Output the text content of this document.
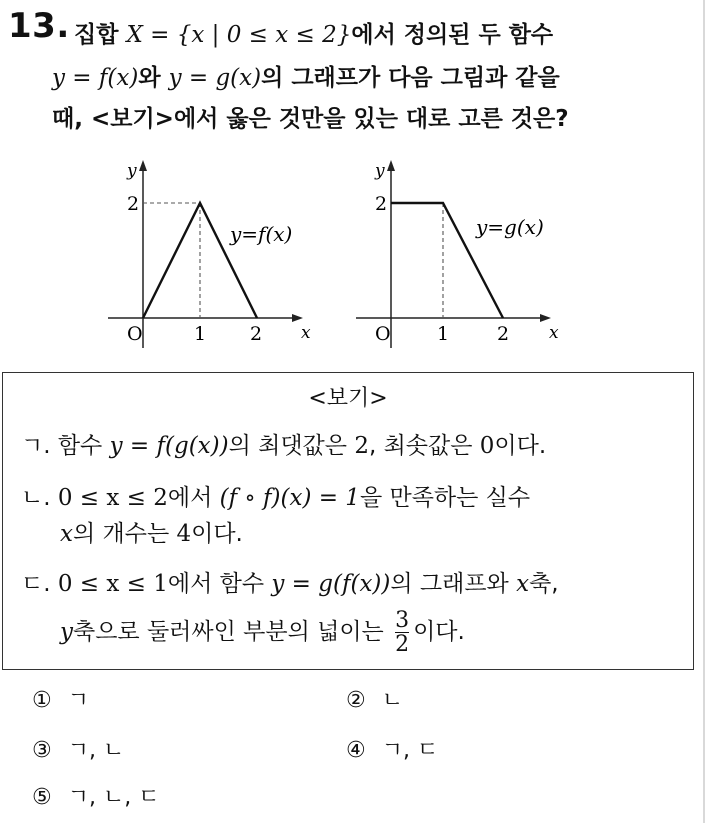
13. 집합 X = {x | 0 ≤ x ≤ 2}에서 정의된 두 함수
y = f(x)와 y = g(x)의 그래프가 다음 그림과 같을
때, <보기>에서 옳은 것만을 있는 대로 고른 것은?
y
2
O	1 2 x
y=f(x)
y
2
O 1	2 x
y=g(x)
<보기>
ㄱ. 함수 y = f(g(x))의 최댓값은 2, 최솟값은 0이다.
ㄴ. 0 ≤ x ≤ 2에서 (f ∘ f)(x) = 1을 만족하는 실수
x의 개수는 4이다.
ㄷ. 0 ≤ x ≤ 1에서 함수 y = g(f(x))의 그래프와 x축,
y축으로 둘러싸인 부분의 넓이는 $\frac{3}{2}$ 이다.
① ㄱ	② ㄴ
③ ㄱ, ㄴ	④ ㄱ, ㄷ
⑤ ㄱ, ㄴ, ㄷ
